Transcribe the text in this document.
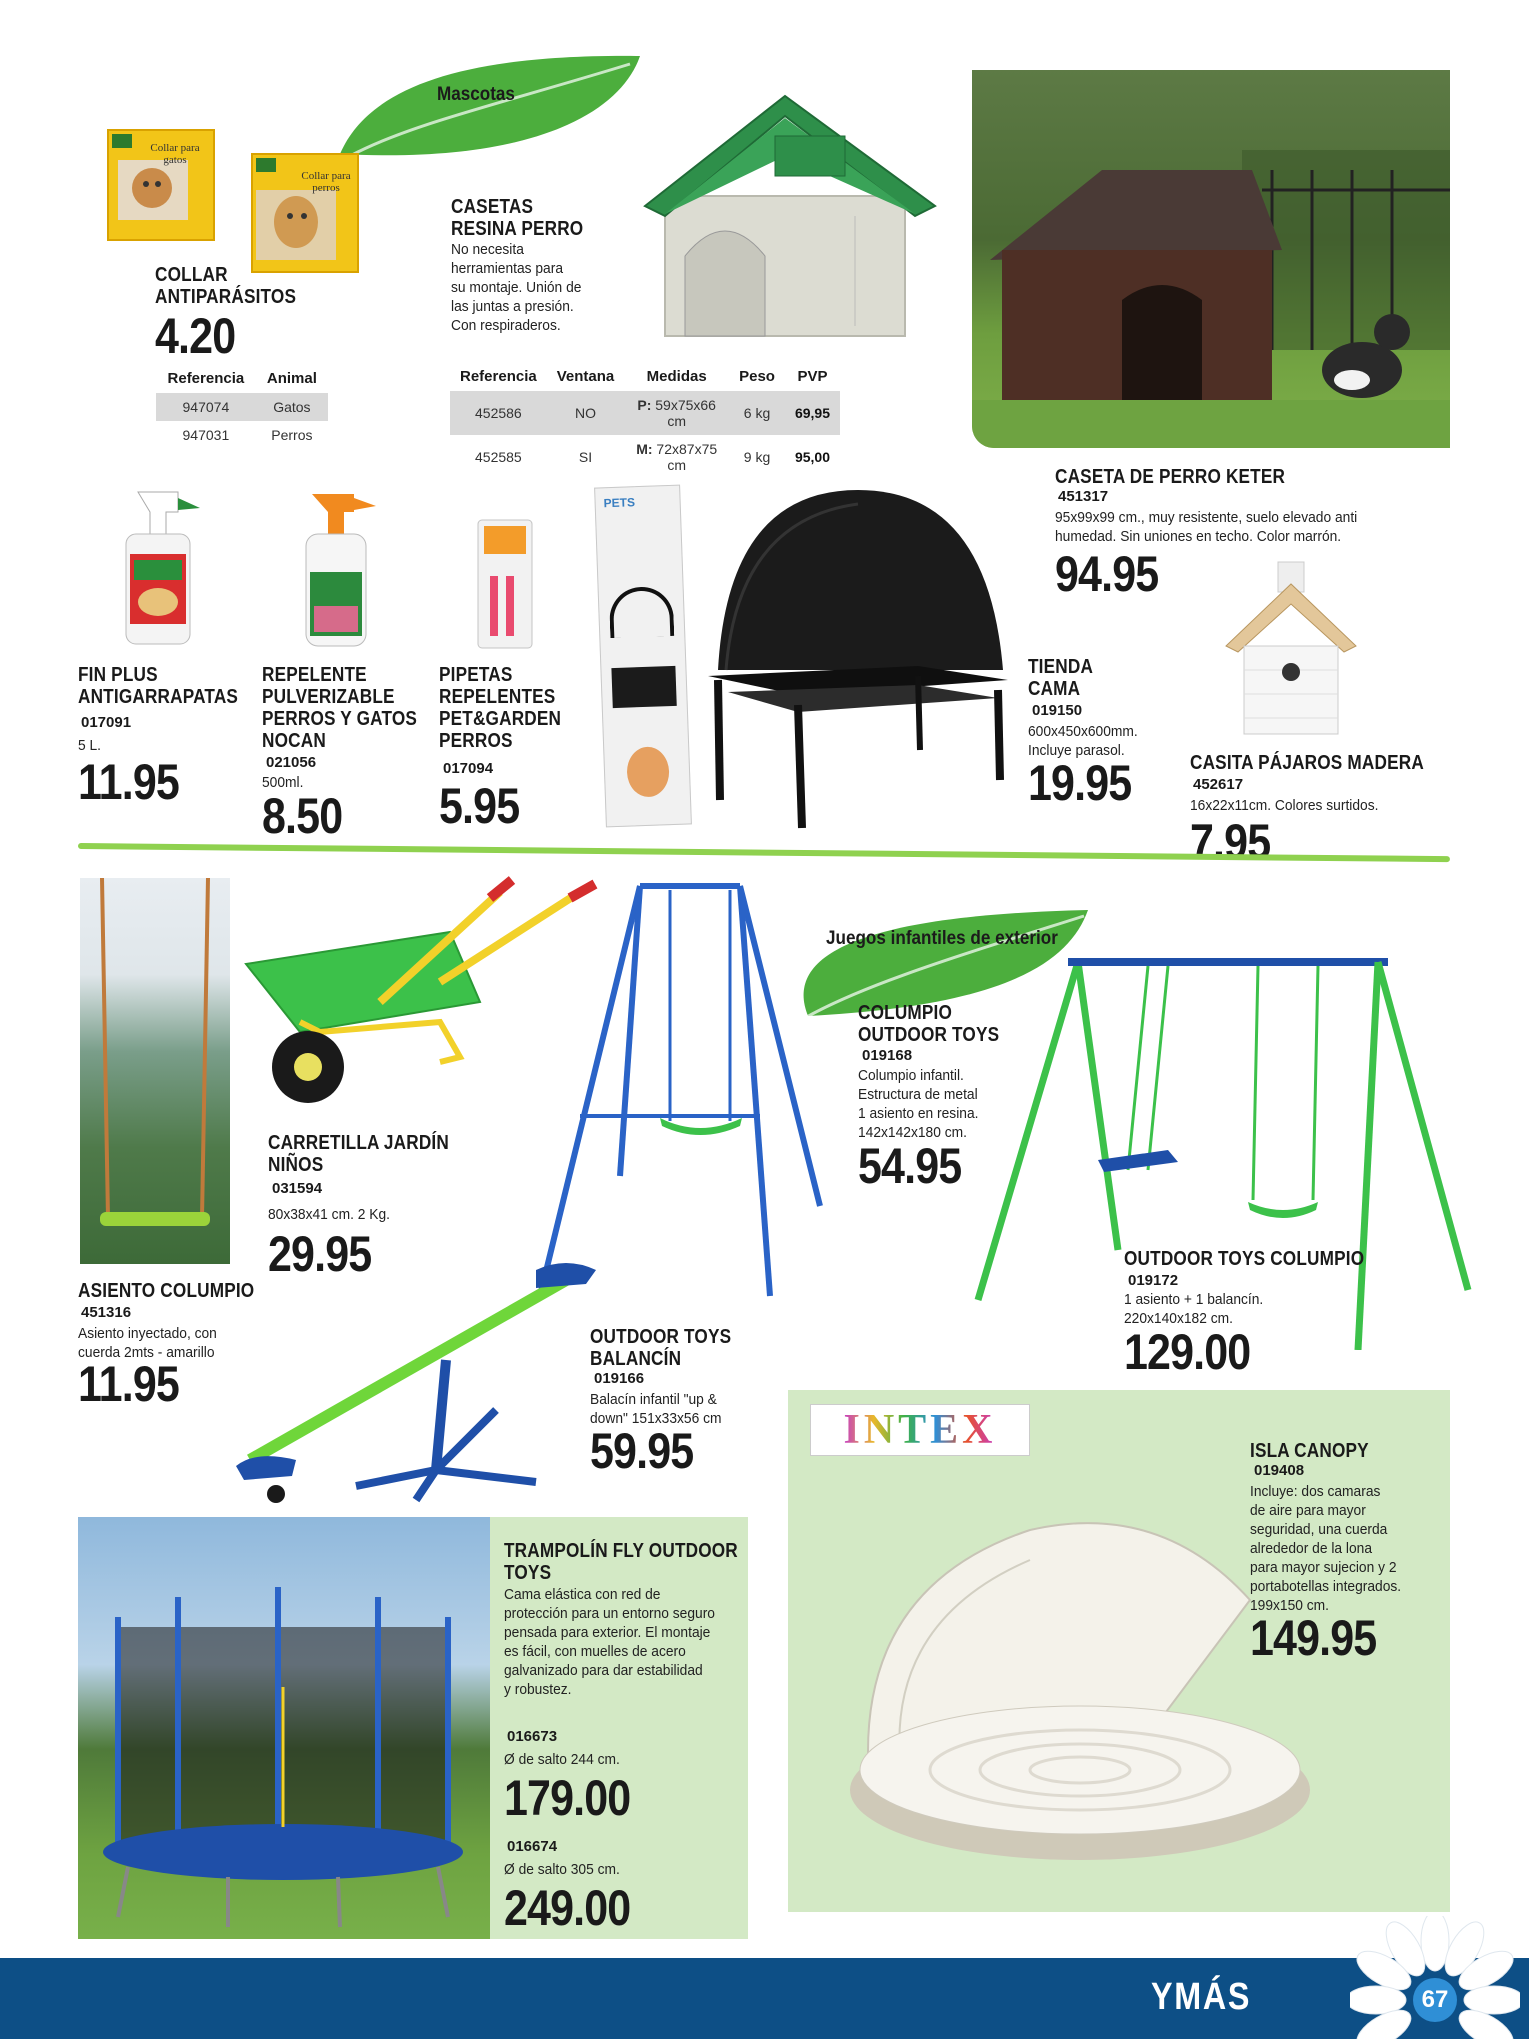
Mascotas
Collar para gatos
Collar para perros
COLLAR
ANTIPARÁSITOS
4.20
Referencia	Animal
947074	Gatos
947031	Perros
CASETAS
RESINA PERRO
No necesita
herramientas para
su montaje. Unión de
las juntas a presión.
Con respiraderos.
Referencia	Ventana	Medidas	Peso	PVP
452586	NO	P: 59x75x66 cm	6 kg	69,95
452585	SI	M: 72x87x75 cm	9 kg	95,00
CASETA DE PERRO KETER
451317
95x99x99 cm., muy resistente, suelo elevado anti
humedad. Sin uniones en techo. Color marrón.
94.95
FIN PLUS
ANTIGARRAPATAS
017091
5 L.
11.95
REPELENTE
PULVERIZABLE
PERROS Y GATOS
NOCAN
021056
500ml.
8.50
PIPETAS
REPELENTES
PET&GARDEN
PERROS
017094
5.95
PETS
TIENDA
CAMA
019150
600x450x600mm.
Incluye parasol.
19.95	CASITA PÁJAROS MADERA
452617
16x22x11cm. Colores surtidos.
7.95
ASIENTO COLUMPIO
451316
Asiento inyectado, con
cuerda 2mts - amarillo
11.95
CARRETILLA JARDÍN
NIÑOS
031594
80x38x41 cm. 2 Kg.
29.95
Juegos infantiles de exterior
COLUMPIO
OUTDOOR TOYS
019168
Columpio infantil.
Estructura de metal
1 asiento en resina.
142x142x180 cm.
54.95
OUTDOOR TOYS COLUMPIO
019172
1 asiento + 1 balancín.
220x140x182 cm.
129.00
OUTDOOR TOYS
BALANCÍN
019166
Balacín infantil "up &
down" 151x33x56 cm
59.95
TRAMPOLÍN FLY OUTDOOR
TOYS
Cama elástica con red de
protección para un entorno seguro
pensada para exterior. El montaje
es fácil, con muelles de acero
galvanizado para dar estabilidad
y robustez.
016673
Ø de salto 244 cm.
179.00
016674
Ø de salto 305 cm.
249.00
INTEX	ISLA CANOPY
019408
Incluye: dos camaras
de aire para mayor
seguridad, una cuerda
alrededor de la lona
para mayor sujecion y 2
portabotellas integrados.
199x150 cm.
149.95
YMÁS	67
